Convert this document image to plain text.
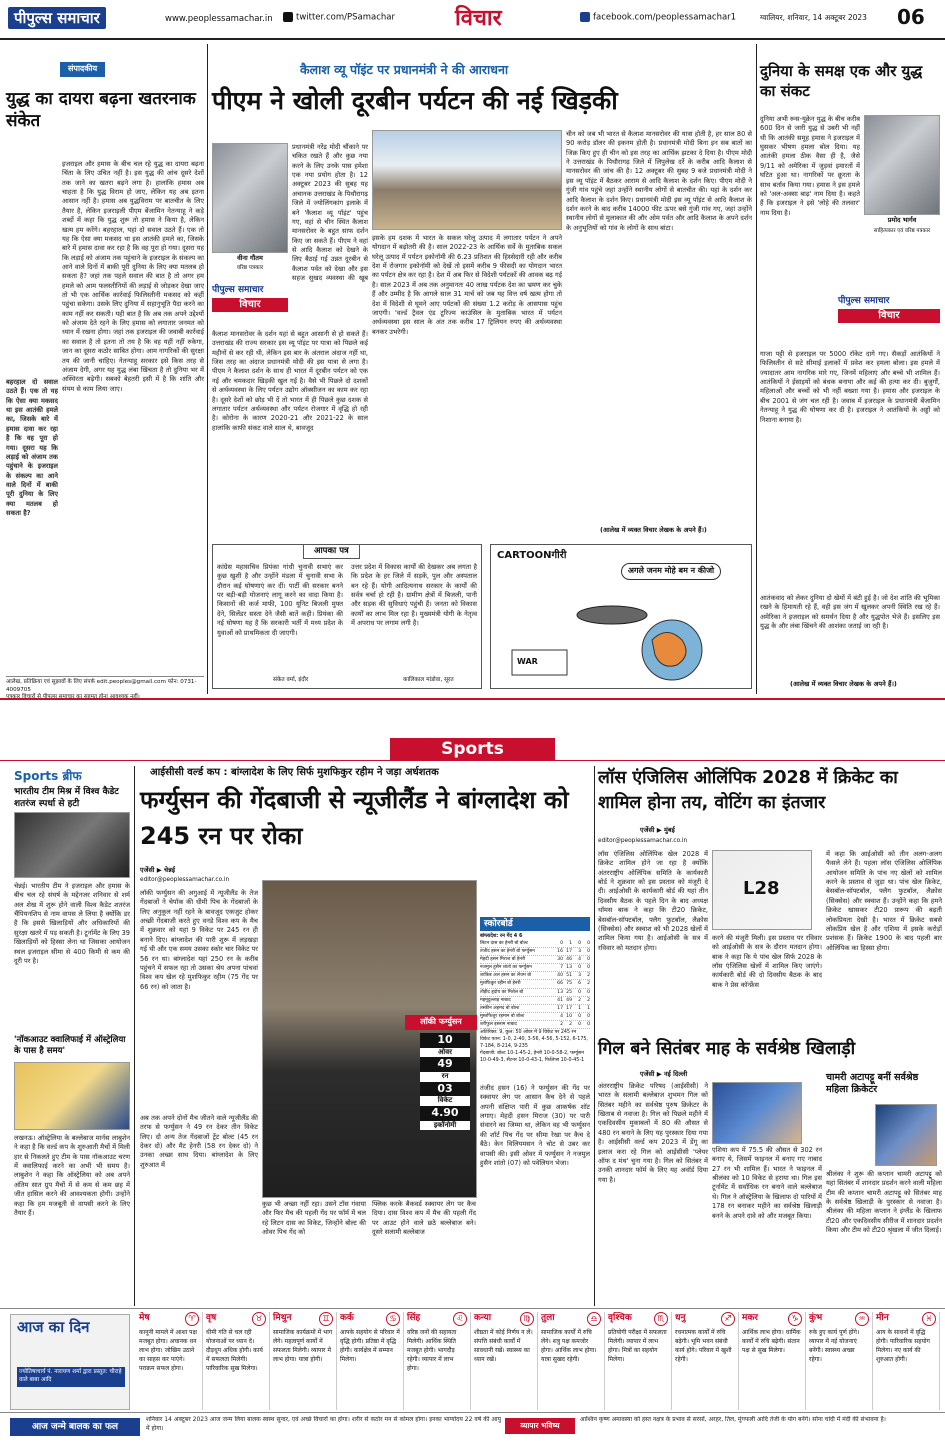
पीपुल्स समाचार	www.peoplessamachar.in	twitter.com/PSamachar	विचार	facebook.com/peoplessamachar1	ग्वालियर, शनिवार, 14 अक्टूबर 2023 06
संपादकीय
युद्ध का दायरा बढ़ना खतरनाक संकेत
इजराइल और हमास के बीच चल रहे युद्ध का दायरा बढ़ना चिंता के लिए उचित नहीं है। इस युद्ध की आंच दूसरे देशों तक जाने का खतरा बढ़ने लगा है। हालांकि हमास अब चाहता है कि युद्ध विराम हो जाए, लेकिन यह अब इतना आसान नहीं है। हमास अब युद्धविराम पर बातचीत के लिए तैयार है, लेकिन इजराइली पीएम बेंजामिन नेतन्याहू ने कड़े शब्दों में कहा कि युद्ध शुरू तो हमास ने किया है, लेकिन खत्म हम करेंगे। बहरहाल, यहां दो सवाल उठते हैं। एक तो यह कि ऐसा क्या मकसद था इस आतंकी हमले का, जिसके बारे में हमास दावा कर रहा है कि वह पूरा हो गया। दूसरा यह कि लड़ाई को अंजाम तक पहुंचाने के इजराइल के संकल्प का आने वाले दिनों में बाकी पूरी दुनिया के लिए क्या मतलब हो सकता है? जहां तक पहले सवाल की बात है तो अगर हम हमले को आम फलस्तीनियों की लड़ाई से जोड़कर देखा जाए तो भी एक आर्थिक कार्रवाई फिलिस्तीनी मकसद को कहीं पहुंचा सकेगा। उसके लिए दुनिया में सहानुभूति पैदा करने का काम नहीं कर सकती। यही बात है कि अब तक अपने उद्देश्यों को अंजाम देते रहने के लिए हमास को लगातार जनमत को ध्यान में रखना होगा। जहां तक इजराइल की जवाबी कार्रवाई का सवाल है तो इतना तो तय है कि वह यहीं नहीं रुकेगा, जान का दूसरा कठोर साबित होगा। आम नागरिकों की सुरक्षा तय की जानी चाहिए। नेतन्याहू सरकार इसे किस तरह से अंजाम देगी, अगर यह युद्ध लंबा खिंचता है तो दुनिया भर में अस्थिरता बढ़ेगी। सबको बेहतरी इसी में है कि शांति और संयम से काम लिया जाए।
बहरहाल दो सवाल उठते हैं। एक तो यह कि ऐसा क्या मकसद था इस आतंकी हमले का, जिसके बारे में हमास दावा कर रहा है कि वह पूरा हो गया। दूसरा यह कि लड़ाई को अंजाम तक पहुंचाने के इजराइल के संकल्प का आने वाले दिनों में बाकी पूरी दुनिया के लिए क्या मतलब हो सकता है?
आलेख, प्रतिक्रिया एवं सुझावों के लिए संपर्क edit.peoples@gmail.com फोन: 0731-4009705
कैलाश व्यू पॉइंट पर प्रधानमंत्री ने की आराधना
पीएम ने खोली दूरबीन पर्यटन की नई खिड़की
वीना गौतम
वरिष्ठ पत्रकार
पीपुल्स समाचार
विचार
प्रधानमंत्री नरेंद्र मोदी चौंकाने पर चकित रखते हैं और कुछ नया करने के लिए उनके पास हमेशा एक नया प्रयोग होता है। 12 अक्टूबर 2023 की सुबह यह अचानक उत्तराखंड के पिथौरागढ़ जिले में ज्योलिंगकांग इलाके में बने 'कैलाश व्यू पॉइंट' पहुंच गए, वहां से चीन स्थित कैलाश मानसरोवर के बहुत साफ दर्शन किए जा सकते हैं। पीएम ने वहां से आदि कैलाश को देखने के लिए बैठाई गई उन्नत दूरबीन से कैलाश पर्वत को देखा और इस सहज सुखद व्यवस्था की खूब
कैलाश मानसरोवर के दर्शन यहां से बहुत आसानी से हो सकते हैं। उत्तराखंड की राज्य सरकार इस व्यू पॉइंट पर यात्रा को पिछले कई महीनों से कर रही थी, लेकिन इस बार के अंतराल अंदाज नहीं था, जिस तरह का अंदाज प्रधानमंत्री मोदी की इस यात्रा से लगा है। पीएम ने कैलाश दर्शन के साथ ही भारत में दूरबीन पर्यटन को एक नई और चमकदार खिड़की खुल गई है। वैसे भी पिछले दो दशकों से अर्थव्यवस्था के लिए पर्यटन उद्योग ऑक्सीजन का काम कर रहा है। दूसरे देशों को छोड़ भी दें तो भारत में ही पिछले कुछ दशक से लगातार पर्यटन अर्थव्यवस्था और पर्यटन रोजगार में वृद्धि हो रही है। कोरोना के कारण 2020-21 और 2021-22 के साल हालांकि काफी संकट वाले साल थे, बावजूद
इसके हम दशक में भारत के सकल घरेलू उत्पाद में लगातार पर्यटन ने अपने योगदान में बढ़ोतरी की है। साल 2022-23 के आर्थिक सर्वे के मुताबिक सकल घरेलू उत्पाद में पर्यटन इकोनॉमी की 6.23 प्रतिशत की हिस्सेदारी रही और करीब देश में रोजगार इकोनॉमी को देखें तो इसमें करीब 9 फीसदी का योगदान भारत का पर्यटन क्षेत्र कर रहा है। देश में अब फिर से विदेशी पर्यटकों की आवक बढ़ गई है। साल 2023 में अब तक अनुमानतः 40 लाख पर्यटक देश का भ्रमण कर चुके हैं और उम्मीद है कि आगले साल 31 मार्च को जब यह वित्त वर्ष खत्म होगा तो देश में विदेशी से घूमने आए पर्यटकों की संख्या 1.2 करोड़ के आसपास पहुंच जाएगी। 'वर्ल्ड ट्रैवल एंड टूरिज्म काउंसिल के मुताबिक भारत में पर्यटन अर्थव्यवस्था इस साल के अंत तक करीब 17 ट्रिलियन रुपए की अर्थव्यवस्था बनकर उभरेगी।
चीन को जब भी भारत से कैलाश मानसरोवर की यात्रा होती है, हर साल 80 से 90 करोड़ डॉलर की इकनम होती है। प्रधानमंत्री मोदी बिना इन सब बातों का जिक्र किए हुए ही चीन को इस तरह का आर्थिक झटका दे दिया है। पीएम मोदी ने उत्तराखंड के पिथौरागढ़ जिले में लिपुलेख दर्रे के करीब आदि कैलाश से मानसरोवर की जांच की है। 12 अक्टूबर की सुबह 9 बजे प्रधानमंत्री मोदी ने इस व्यू पॉइंट में बैठकर आराम से आदि कैलाश के दर्शन किए। पीएम मोदी ने गुंजी गांव पहुंचे जहां उन्होंने स्थानीय लोगों से बातचीत की। यहां के दर्शन कर आदि कैलाश के दर्शन किए। प्रधानमंत्री मोदी इस व्यू पॉइंट से आदि कैलाश के दर्शन करने के बाद करीब 14000 फीट ऊपर बसे गुंजी गांव गए, जहां उन्होंने स्थानीय लोगों से मुलाकात की और ओम पर्वत और आदि कैलाश के अपने दर्शन के अनुभूतियों को गांव के लोगों के साथ बांटा।
(आलेख में व्यक्त विचार लेखक के अपने हैं।)
आपका पत्र
कांग्रेस महासचिव प्रियंका गांधी चुनावी सभाएं कर कुछ खुशी है और उन्होंने मंडला में चुनावी सभा के दौरान कई घोषणाएं कर दीं। पार्टी की सरकार बनने पर बड़ी-बड़ी योजनाएं लागू करने का वादा किया है। किसानों की कर्ज माफी, 100 यूनिट बिजली मुफ्त देने, सिलेंडर सस्ता देने जैसी बातें कही। प्रियंका की नई घोषणा यह है कि सरकारी भर्ती में मध्य प्रदेश के युवाओं को प्राथमिकता दी जाएगी।
संकेत वर्मा, इंदौर
उत्तर प्रदेश में विकास कार्यों की देखकर अब लगता है कि प्रदेश के हर जिले में सड़कें, पुल और अस्पताल बन रहे हैं। योगी आदित्यनाथ सरकार के कार्यों की सर्वत्र चर्चा हो रही है। ग्रामीण क्षेत्रों में बिजली, पानी और सड़क की सुविधाएं पहुंची हैं। जनता को विकास कार्यों का लाभ मिल रहा है। मुख्यमंत्री योगी के नेतृत्व में अपराध पर लगाम लगी है।
कालिकाल मांडोवा, सूरत
CARTOONगीरी
अगले जनम मोहे बम न कीजो
WAR
दुनिया के समक्ष एक और युद्ध का संकट
दुनिया अभी रूस-यूक्रेन युद्ध के बीच करीब 600 दिन से जारी युद्ध से उबरी भी नहीं थी कि आतंकी समूह हमास ने इजराइल में घुसकर भीषण हमला बोल दिया। यह आतंकी हमला ठीक वैसा ही है, जैसे 9/11 को अमेरिका में जुड़वां इमारतों में घटित हुआ था। नागरिकों पर क्रूरता के साथ बर्ताव किया गया। हमास ने इस हमले को 'अल-अक्सा बाढ़' नाम दिया है। कहते हैं कि इजराइल ने इसे 'लोहे की तलवार' नाम दिया है।
प्रमोद भार्गव
साहित्यकार एवं वरिष्ठ पत्रकार
पीपुल्स समाचार
विचार
गाजा पट्टी से इजराइल पर 5000 रॉकेट दागे गए। सैकड़ों आतंकियों ने फिलिस्तीन से सटे सीमाई इलाकों में प्रवेश कर हमला बोला। इस हमले में ज्यादातर आम नागरिक मारे गए, जिनमें महिलाएं और बच्चे भी शामिल हैं। आतंकियों ने ईसाइयों को बंधक बनाया और कई की हत्या कर दी। बुजुर्गों, महिलाओं और बच्चों को भी नहीं बख्शा गया है। हमास और इजराइल के बीच 2001 से जंग चल रही है। जवाब में इजराइल के प्रधानमंत्री बेंजामिन नेतन्याहू ने युद्ध की घोषणा कर दी है। इजराइल ने आतंकियों के अड्डों को निशाना बनाया है।
आतंकवाद को लेकर दुनिया दो खेमों में बंटी हुई है। जो देश शांति की भूमिका रखने के हिमायती रहे हैं, वही इस जंग में खुलकर अपनी स्थिति रख रहे हैं। अमेरिका ने इजराइल को समर्थन दिया है और युद्धपोत भेजे हैं। इसलिए इस युद्ध के और लंबा खिंचने की आशंका जताई जा रही है।
(आलेख में व्यक्त विचार लेखक के अपने हैं।)
Sports
Sports ब्रीफ
भारतीय टीम मिश्र में विश्व कैडेट शतरंज स्पर्धा से हटी
चेन्नई। भारतीय टीम ने इजराइल और हमास के बीच चल रहे संघर्ष के मद्देनजर शनिवार से शर्म अल शेख में शुरू होने वाली विश्व कैडेट शतरंज चैंपियनशिप से नाम वापस ले लिया है क्योंकि डर है कि इससे खिलाड़ियों और अधिकारियों की सुरक्षा खतरे में पड़ सकती है। टूर्नामेंट के लिए 39 खिलाड़ियों को हिस्सा लेना था जिसका आयोजन स्थल इजराइल सीमा से 400 किमी से कम की दूरी पर है।
'नॉकआउट क्वालिफाई में ऑस्ट्रेलिया के पास है समय'
लखनऊ। ऑस्ट्रेलिया के बल्लेबाज मार्नस लाबुशेन ने कहा है कि वर्ल्ड कप के शुरुआती मैचों में मिली हार से निकलते हुए टीम के पास नॉकआउट चरण में क्वालिफाई करने का अभी भी समय है। लाबुशेन ने कहा कि ऑस्ट्रेलिया को अब अपने अंतिम सात ग्रुप मैचों में से कम से कम छह में जीत हासिल करने की आवश्यकता होगी। उन्होंने कहा कि हम मजबूती से वापसी करने के लिए तैयार हैं।
आईसीसी वर्ल्ड कप : बांग्लादेश के लिए सिर्फ मुशफिकुर रहीम ने जड़ा अर्धशतक
फर्ग्युसन की गेंदबाजी से न्यूजीलैंड ने बांग्लादेश को 245 रन पर रोका
एजेंसी ▶ चेन्नई
editor@peoplessamachar.co.in
लॉकी फर्ग्युसन की अगुआई में न्यूजीलैंड के तेज गेंदबाजों ने चेपॉक की धीमी पिच के गेंदबाजों के लिए अनुकूल नहीं रहने के बावजूद एकजुट होकर अच्छी गेंदबाजी करते हुए वनडे विश्व कप के मैच में शुक्रवार को यहां 9 विकेट पर 245 रन ही बनाने दिए। बांग्लादेश की पारी शुरू में लड़खड़ा गई थी और एक समय उसका स्कोर चार विकेट पर 56 रन था। बांग्लादेश यहां 250 रन के करीब पहुंचने में सफल रहा तो उसका श्रेय अपना पांचवां विश्व कप खेल रहे मुशफिकुर रहीम (75 गेंद पर 66 रन) को जाता है।
अब तक अपने दोनों मैच जीतने वाले न्यूजीलैंड की तरफ से फर्ग्युसन ने 49 रन देकर तीन विकेट लिए। दो अन्य तेज गेंदबाजों ट्रेंट बोल्ट (45 रन देकर दो) और मैट हेनरी (58 रन देकर दो) ने उनका अच्छा साथ दिया। बांग्लादेश के लिए शुरुआत में
लॉकी फर्ग्युसन
10
ओवर
49
रन
03
विकेट
4.90
इकॉनोमी
कुछ भी अच्छा नहीं रहा। उसने टॉस गंवाया और फिर मैच की पहली गेंद पर फॉर्म में चल रहे लिटन दास का विकेट, जिन्होंने बोल्ट की ओवर पिच गेंद को
फ्लिक करके बैकवर्ड स्क्वायर लेग पर कैच दिया। दास विश्व कप में मैच की पहली गेंद पर आउट होने वाले छठे बल्लेबाज बने। दूसरे सलामी बल्लेबाज
स्कोरबोर्ड
बांग्लादेश: रन गेंद 4 6
लिटन दास का हेनरी बो बोल्ट	0	1	0	0
तंजीद हसन का हेनरी बो फर्ग्युसन	16 17	3	0
मेहदी हसन मिराज बो हेनरी	30 46	4	0
नजमुल हुसैन शांतो का फर्ग्युसन	7 13	0	0
शाकिब अल हसन का लैथम बो	40 51	3	2
मुशफिकुर रहीम बो हेनरी	66 75	6	2
तौहीद हृदोय का मिशेल बो	13 25	0	0
महमूदुल्लाह नाबाद	41 49	2	2
तस्कीन अहमद बो बोल्ट	17 17	1	1
मुस्तफिजुर रहमान बो बोल्ट	4 10	0	0
शरीफुल इस्लाम नाबाद	2	2	0	0
अतिरिक्त: 9, कुल: 50 ओवर में 9 विकेट पर 245 रन
विकेट पतन: 1-0, 2-40, 3-56, 4-56, 5-152, 6-175, 7-184, 8-214, 9-235
गेंदबाजी: बोल्ट 10-1-45-2, हेनरी 10-0-58-2, फर्ग्युसन 10-0-49-3, सैंटनर 10-0-43-1, फिलिप्स 10-0-45-1
तंजीद हसन (16) ने फर्ग्युसन की गेंद पर स्क्वायर लेग पर आसान कैच देने से पहले अपनी संक्षिप्त पारी में कुछ आकर्षक शॉट लगाए। मेहदी हसन मिराज (30) पर पारी संवारने का जिम्मा था, लेकिन वह भी फर्ग्युसन की शॉर्ट पिच गेंद पर सीमा रेखा पर कैच दे बैठे। केन विलियमसन ने चोट से उबर कर वापसी की। इसी ओवर में फर्ग्युसन ने नजमुल हुसैन शांतो (07) को पवेलियन भेजा।
लॉस एंजिलिस ओलिंपिक 2028 में क्रिकेट का शामिल होना तय, वोटिंग का इंतजार
एजेंसी ▶ मुंबई
editor@peoplessamachar.co.in
लॉस एंजिलिस ओलिंपिक खेल 2028 में क्रिकेट शामिल होने जा रहा है क्योंकि अंतरराष्ट्रीय ओलिंपिक समिति के कार्यकारी बोर्ड ने शुक्रवार को इस प्रस्ताव को मंजूरी दे दी। आईओसी के कार्यकारी बोर्ड की यहां तीन दिवसीय बैठक के पहले दिन के बाद अध्यक्ष थॉमस बाक ने कहा कि टी20 क्रिकेट, बेसबॉल-सॉफ्टबॉल, फ्लैग फुटबॉल, लैक्रोस (सिक्सेस) और स्क्वाश को भी 2028 खेलों में शामिल किया गया है। आईओसी के सत्र में रविवार को मतदान होगा।
L28
करने की मंजूरी मिली। इस प्रस्ताव पर रविवार को आईओसी के सत्र के दौरान मतदान होगा। बाक ने कहा कि ये पांच खेल सिर्फ 2028 के लॉस एंजिलिस खेलों में शामिल किए जाएंगे। कार्यकारी बोर्ड की दो दिवसीय बैठक के बाद बाक ने प्रेस कॉन्फ्रेंस
में कहा कि आईओसी को तीन अलग-अलग फैसले लेने हैं। पहला लॉस एंजिलिस ओलिंपिक आयोजन समिति के पांच नए खेलों को शामिल करने के प्रस्ताव से जुड़ा था। पांच खेल क्रिकेट, बेसबॉल-सॉफ्टबॉल, फ्लैग फुटबॉल, लैक्रोस (सिक्सेस) और स्क्वाश हैं। उन्होंने कहा कि हमने क्रिकेट खासकर टी20 प्रारूप की बढ़ती लोकप्रियता देखी है। भारत में क्रिकेट सबसे लोकप्रिय खेल है और एशिया में इसके करोड़ों प्रशंसक हैं। क्रिकेट 1900 के बाद पहली बार ओलिंपिक का हिस्सा होगा।
गिल बने सितंबर माह के सर्वश्रेष्ठ खिलाड़ी
एजेंसी ▶ नई दिल्ली
अंतरराष्ट्रीय क्रिकेट परिषद (आईसीसी) ने भारत के सलामी बल्लेबाज शुभमन गिल को सितंबर महीने का सर्वश्रेष्ठ पुरुष क्रिकेटर के खिताब से नवाजा है। गिल को पिछले महीने में एकदिवसीय मुकाबलों में 80 की औसत से 480 रन बनाने के लिए यह पुरस्कार दिया गया है। आईसीसी वर्ल्ड कप 2023 में डेंगू का इलाज करा रहे गिल को आईसीसी 'प्लेयर ऑफ द मंथ' चुना गया है। गिल को सितंबर में उनकी शानदार फॉर्म के लिए यह अवॉर्ड दिया गया है।
एशिया कप में 75.5 की औसत से 302 रन बनाए थे, जिसमें फाइनल में बनाए गए नाबाद 27 रन भी शामिल हैं। भारत ने फाइनल में श्रीलंका को 10 विकेट से हराया था। गिल इस टूर्नामेंट में सर्वाधिक रन बनाने वाले बल्लेबाज थे। गिल ने ऑस्ट्रेलिया के खिलाफ दो पारियों में 178 रन बनाकर महीने का सर्वश्रेष्ठ खिलाड़ी बनने के अपने दावे को और मजबूत किया।
चामरी अटापट्टू बनीं सर्वश्रेष्ठ महिला क्रिकेटर
श्रीलंका ने शुरू की कप्तान चामरी अटापट्टू को यहां सितंबर में शानदार प्रदर्शन करने वाली महिला टीम की कप्तान चामरी अटापट्टू को सितंबर माह के सर्वश्रेष्ठ खिलाड़ी के पुरस्कार से नवाजा है। श्रीलंका की महिला कप्तान ने इंग्लैंड के खिलाफ टी20 और एकदिवसीय सीरीज में शानदार प्रदर्शन किया और टीम को टी20 श्रृंखला में जीत दिलाई।
आज का दिन
ज्योतिषाचार्य पं. नारायण शर्मा द्वारा प्रस्तुत: चौराहे वाले बाबा आदि
♈
मेष
कानूनी मामले में आशा पक्ष मजबूत होगा। अचानक धन लाभ होगा। जोखिम उठाने का साहस कर पाएंगे। पराक्रम सफल होगा।
♉
वृष
धीमी गति से चल रही योजनाओं पर ध्यान दें। दौड़धूप अधिक होगी। कार्य में सफलता मिलेगी। पारिवारिक सुख मिलेगा।
♊
मिथुन
सामाजिक कार्यक्रमों में भाग लेंगे। महत्वपूर्ण कार्यों में सफलता मिलेगी। व्यापार में लाभ होगा। यात्रा होगी।
♋
कर्क
आपके सहयोग से परिवार में वृद्धि होगी। प्रतिष्ठा में वृद्धि होगी। कार्यक्षेत्र में सम्मान मिलेगा।
♌
सिंह
वरिष्ठ जनों की सहायता मिलेगी। आर्थिक स्थिति मजबूत होगी। भागदौड़ रहेगी। व्यापार में लाभ होगा।
♍
कन्या
शीघ्रता में कोई निर्णय न लें। संपत्ति संबंधी कार्यों में सावधानी रखें। स्वास्थ्य का ध्यान रखें।
♎
तुला
सामाजिक कार्यों में रुचि लेंगे। शत्रु पक्ष कमजोर होगा। आर्थिक लाभ होगा। यात्रा सुखद रहेगी।
♏
वृश्चिक
प्रतियोगी परीक्षा में सफलता मिलेगी। व्यापार में लाभ होगा। मित्रों का सहयोग मिलेगा।
♐
धनु
रचनात्मक कार्यों में रुचि बढ़ेगी। भूमि भवन संबंधी कार्य होंगे। परिवार में खुशी रहेगी।
♑
मकर
आर्थिक लाभ होगा। धार्मिक कार्यों में रुचि बढ़ेगी। संतान पक्ष से सुख मिलेगा।
♒
कुंभ
रुके हुए कार्य पूर्ण होंगे। व्यापार में नई योजनाएं बनेंगी। स्वास्थ्य अच्छा रहेगा।
♓
मीन
आय के साधनों में वृद्धि होगी। पारिवारिक सहयोग मिलेगा। नए कार्य की शुरुआत होगी।
आज जन्मे बालक का फल
शनिवार 14 अक्टूबर 2023 आज जन्म लिया बालक स्वस्थ सुन्दर, एवं अच्छे विचारों का होगा। शरीर से कठोर मन से कोमल होगा। इनका भाग्योदय 22 वर्ष की आयु में होगा।	व्यापार भविष्य
आश्विन कृष्ण अमावस्या को हस्त नक्षत्र के प्रभाव से सरसों, अरहर, तिल, मूंगफली आदि तेजी के योग बनेंगे। सोना चांदी में मंदी की संभावना है।
